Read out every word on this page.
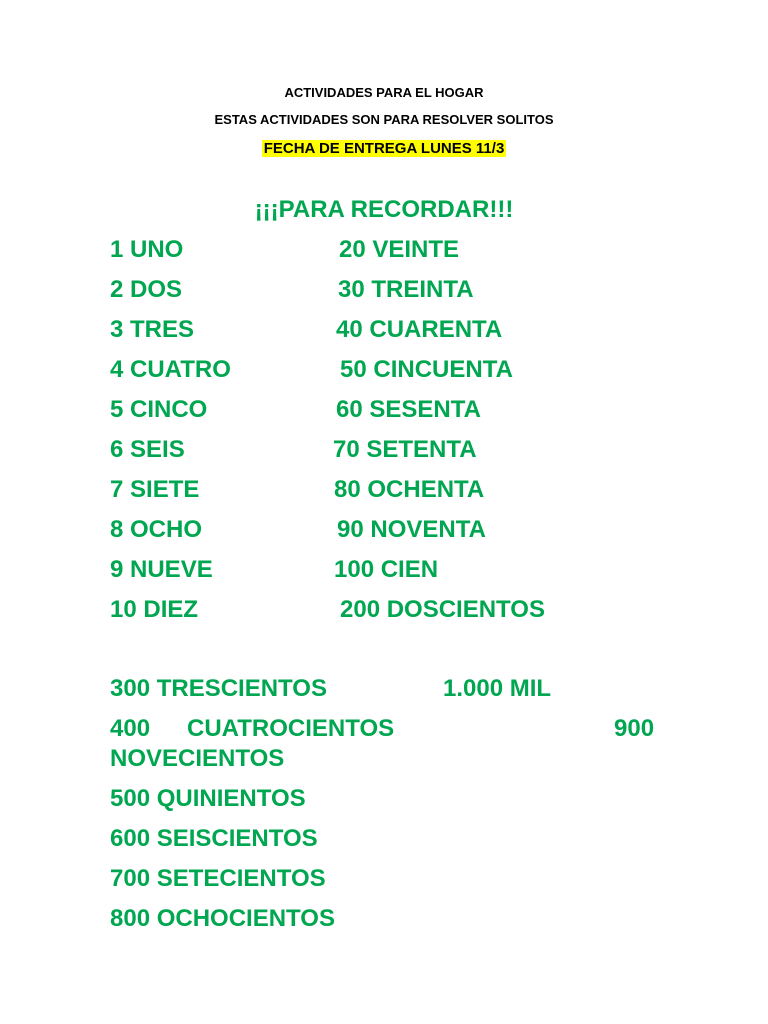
ACTIVIDADES PARA EL HOGAR
ESTAS ACTIVIDADES SON PARA RESOLVER SOLITOS
FECHA DE ENTREGA LUNES 11/3
¡¡¡PARA RECORDAR!!!
1 UNO
2 DOS
3 TRES
4 CUATRO
5 CINCO
6 SEIS
7 SIETE
8 OCHO
9 NUEVE
10 DIEZ
20 VEINTE
30 TREINTA
40 CUARENTA
50 CINCUENTA
60 SESENTA
70 SETENTA
80 OCHENTA
90 NOVENTA
100 CIEN
200 DOSCIENTOS
300 TRESCIENTOS	1.000 MIL
400 CUATROCIENTOS	900
NOVECIENTOS
500 QUINIENTOS
600 SEISCIENTOS
700 SETECIENTOS
800 OCHOCIENTOS
